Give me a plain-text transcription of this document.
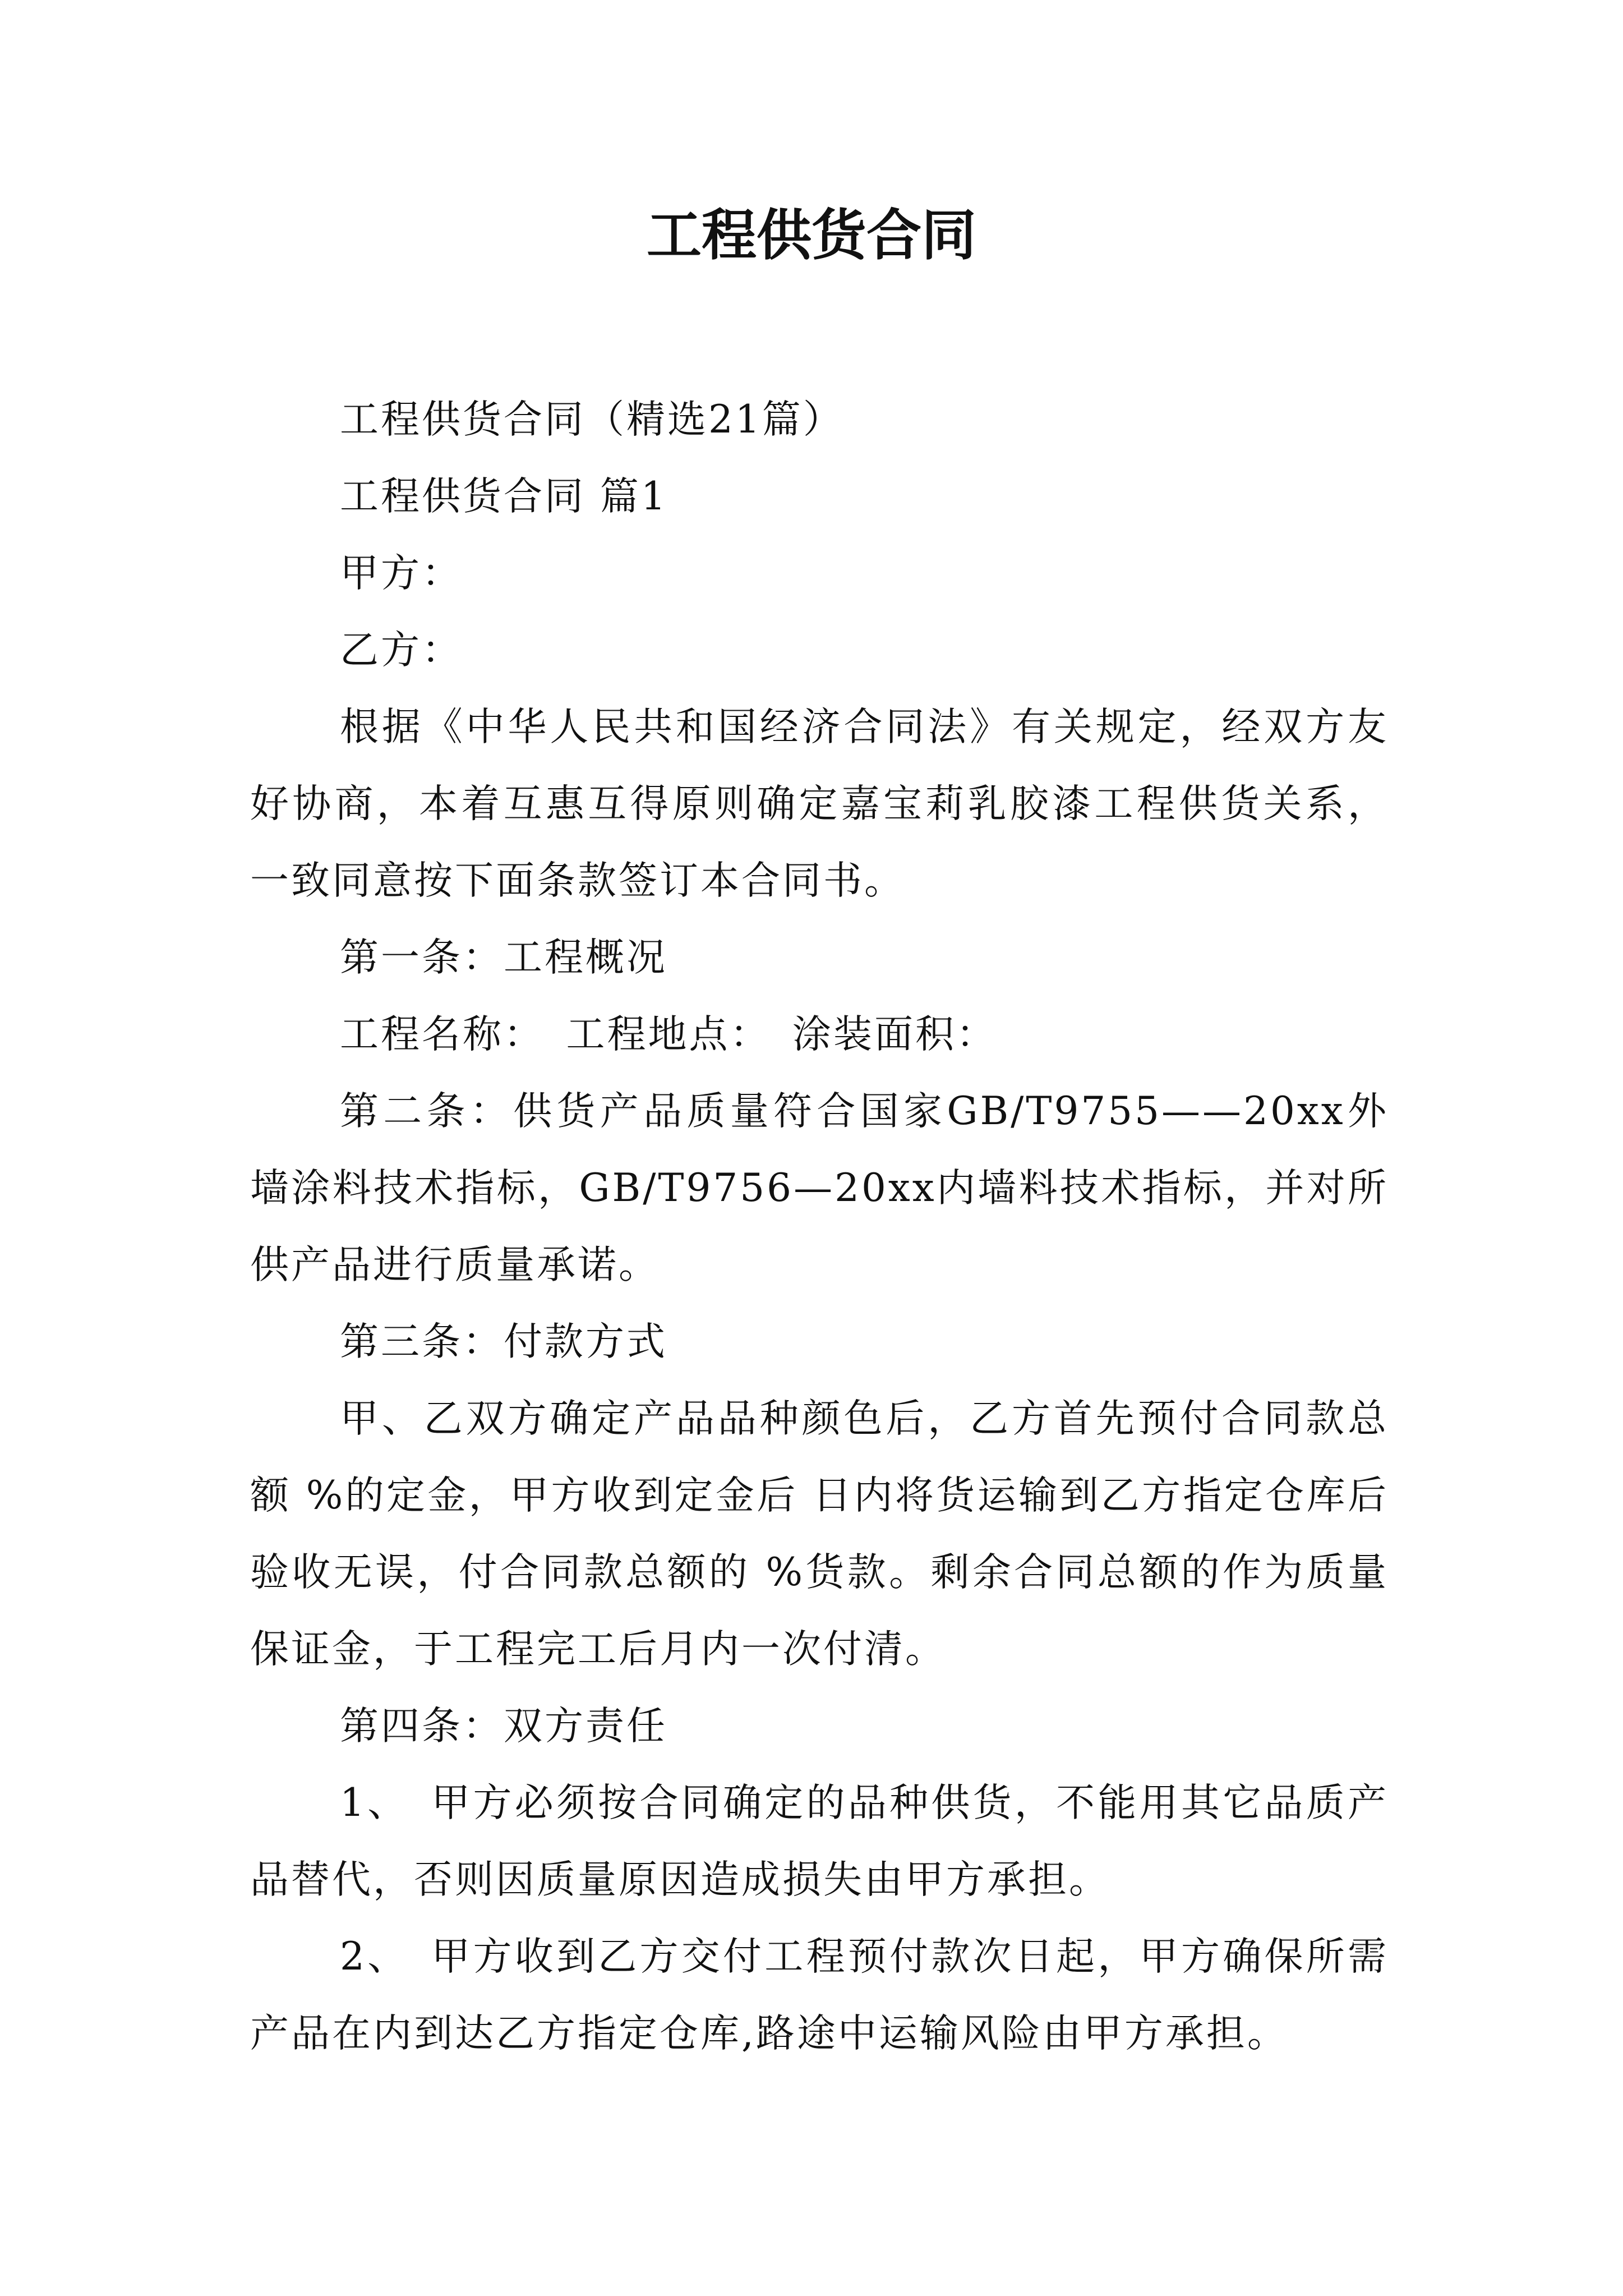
工程供货合同

工程供货合同（精选21篇）

工程供货合同 篇1

甲方：

乙方：

根据《中华人民共和国经济合同法》有关规定，经双方友好协商，本着互惠互得原则确定嘉宝莉乳胶漆工程供货关系，一致同意按下面条款签订本合同书。

第一条：工程概况

工程名称：　工程地点：　涂装面积：

第二条：供货产品质量符合国家GB/T9755——20xx外墙涂料技术指标，GB/T9756—20xx内墙料技术指标，并对所供产品进行质量承诺。

第三条：付款方式

甲、乙双方确定产品品种颜色后，乙方首先预付合同款总额 %的定金，甲方收到定金后 日内将货运输到乙方指定仓库后验收无误，付合同款总额的 %货款。剩余合同总额的作为质量保证金，于工程完工后月内一次付清。

第四条：双方责任

1、　甲方必须按合同确定的品种供货，不能用其它品质产品替代，否则因质量原因造成损失由甲方承担。

2、　甲方收到乙方交付工程预付款次日起，甲方确保所需产品在内到达乙方指定仓库,路途中运输风险由甲方承担。
